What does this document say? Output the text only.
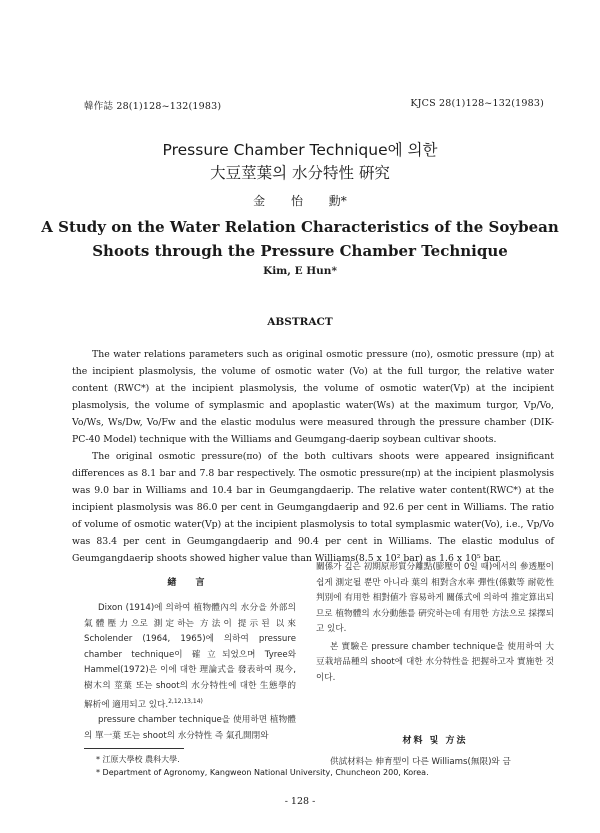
韓作誌 28(1)128~132(1983)	KJCS 28(1)128~132(1983)
Pressure Chamber Technique에 의한
大豆莖葉의 水分特性 硏究
金 怡 勳*
A Study on the Water Relation Characteristics of the Soybean
Shoots through the Pressure Chamber Technique
Kim, E Hun*
ABSTRACT

The water relations parameters such as original osmotic pressure (πo), osmotic pressure (πp) at the incipient plasmolysis, the volume of osmotic water (Vo) at the full turgor, the relative water content (RWC*) at the incipient plasmolysis, the volume of osmotic water(Vp) at the incipient plasmolysis, the volume of symplasmic and apoplastic water(Ws) at the maximum turgor, Vp/Vo, Vo/Ws, Ws/Dw, Vo/Fw and the elastic modulus were measured through the pressure chamber (DIK-PC-40 Model) technique with the Williams and Geumgang-daerip soybean cultivar shoots.

The original osmotic pressure(πo) of the both cultivars shoots were appeared insignificant differences as 8.1 bar and 7.8 bar respectively. The osmotic pressure(πp) at the incipient plasmolysis was 9.0 bar in Williams and 10.4 bar in Geumgangdaerip. The relative water content(RWC*) at the incipient plasmolysis was 86.0 per cent in Geumgangdaerip and 92.6 per cent in Williams. The ratio of volume of osmotic water(Vp) at the incipient plasmolysis to total symplasmic water(Vo), i.e., Vp/Vo was 83.4 per cent in Geumgangdaerip and 90.4 per cent in Williams. The elastic modulus of Geumgangdaerip shoots showed higher value than Williams(8.5 x 10² bar) as 1.6 x 10⁵ bar.

緖 言

Dixon (1914)에 의하여 植物體內의 水分을 外部의 氣體壓力으로 測定하는 方法이 提示된 以來 Scholender (1964, 1965)에 의하여 pressure chamber technique이 確立되었으며 Tyree와 Hammel(1972)은 이에 대한 理論式을 發表하여 現今, 樹木의 莖葉 또는 shoot의 水分特性에 대한 生態學的 解析에 適用되고 있다.$^{2,12,13,14)}$

pressure chamber technique을 使用하면 植物體의 單一葉 또는 shoot의 水分特性 즉 氣孔開閉와

關係가 깊은 初期原形質分離點(膨壓이 0일 때)에서의 參透壓이 쉽게 測定될 뿐만 아니라 葉의 相對含水率 彈性(係數等 耐乾性 判別에 有用한 相對値가 容易하게 關係式에 의하여 推定算出되므로 植物體의 水分動態를 硏究하는데 有用한 方法으로 採擇되고 있다.

본 實驗은 pressure chamber technique을 使用하여 大豆栽培品種의 shoot에 대한 水分特性을 把握하고자 實施한 것이다.

材料 및 方法

供試材料는 伸育型이 다른 Williams(無限)와 금

* 江原大學校 農科大學.
* Department of Agronomy, Kangweon National University, Chuncheon 200, Korea.
- 128 -
